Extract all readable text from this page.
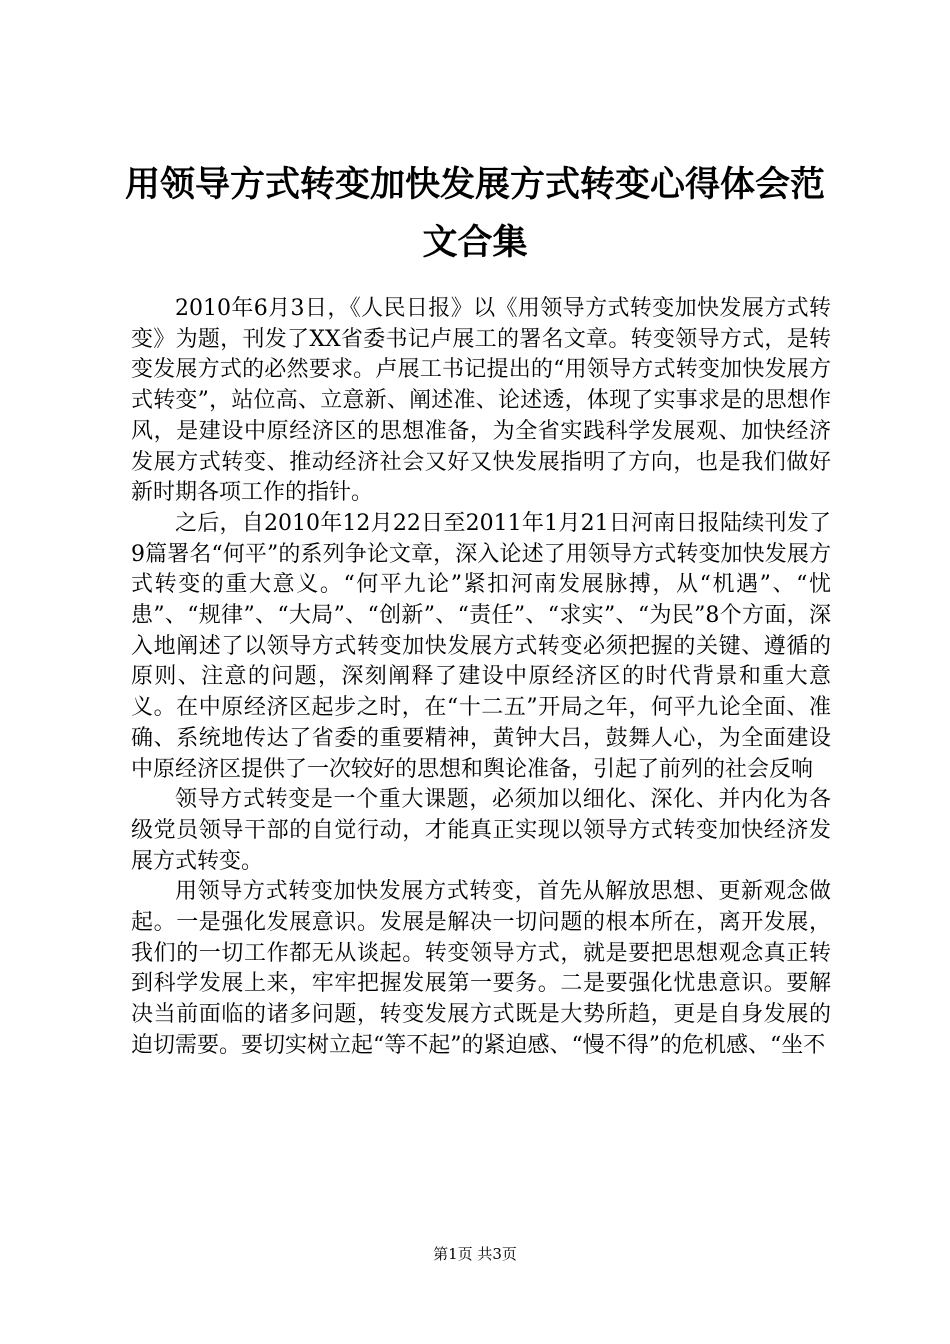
用领导方式转变加快发展方式转变心得体会范
文合集

2010年6月3日，《人民日报》以《用领导方式转变加快发展方式转变》为题，刊发了XX省委书记卢展工的署名文章。转变领导方式，是转变发展方式的必然要求。卢展工书记提出的“用领导方式转变加快发展方式转变”，站位高、立意新、阐述准、论述透，体现了实事求是的思想作风，是建设中原经济区的思想准备，为全省实践科学发展观、加快经济发展方式转变、推动经济社会又好又快发展指明了方向，也是我们做好新时期各项工作的指针。

之后，自2010年12月22日至2011年1月21日河南日报陆续刊发了9篇署名“何平”的系列争论文章，深入论述了用领导方式转变加快发展方式转变的重大意义。“何平九论”紧扣河南发展脉搏，从“机遇”、“忧患”、“规律”、“大局”、“创新”、“责任”、“求实”、“为民”8个方面，深入地阐述了以领导方式转变加快发展方式转变必须把握的关键、遵循的原则、注意的问题，深刻阐释了建设中原经济区的时代背景和重大意义。在中原经济区起步之时，在“十二五”开局之年，何平九论全面、准确、系统地传达了省委的重要精神，黄钟大吕，鼓舞人心，为全面建设中原经济区提供了一次较好的思想和舆论准备，引起了前列的社会反响

领导方式转变是一个重大课题，必须加以细化、深化、并内化为各级党员领导干部的自觉行动，才能真正实现以领导方式转变加快经济发展方式转变。

用领导方式转变加快发展方式转变，首先从解放思想、更新观念做起。一是强化发展意识。发展是解决一切问题的根本所在，离开发展，我们的一切工作都无从谈起。转变领导方式，就是要把思想观念真正转到科学发展上来，牢牢把握发展第一要务。二是要强化忧患意识。要解决当前面临的诸多问题，转变发展方式既是大势所趋，更是自身发展的迫切需要。要切实树立起“等不起”的紧迫感、“慢不得”的危机感、“坐不

第1页 共3页
